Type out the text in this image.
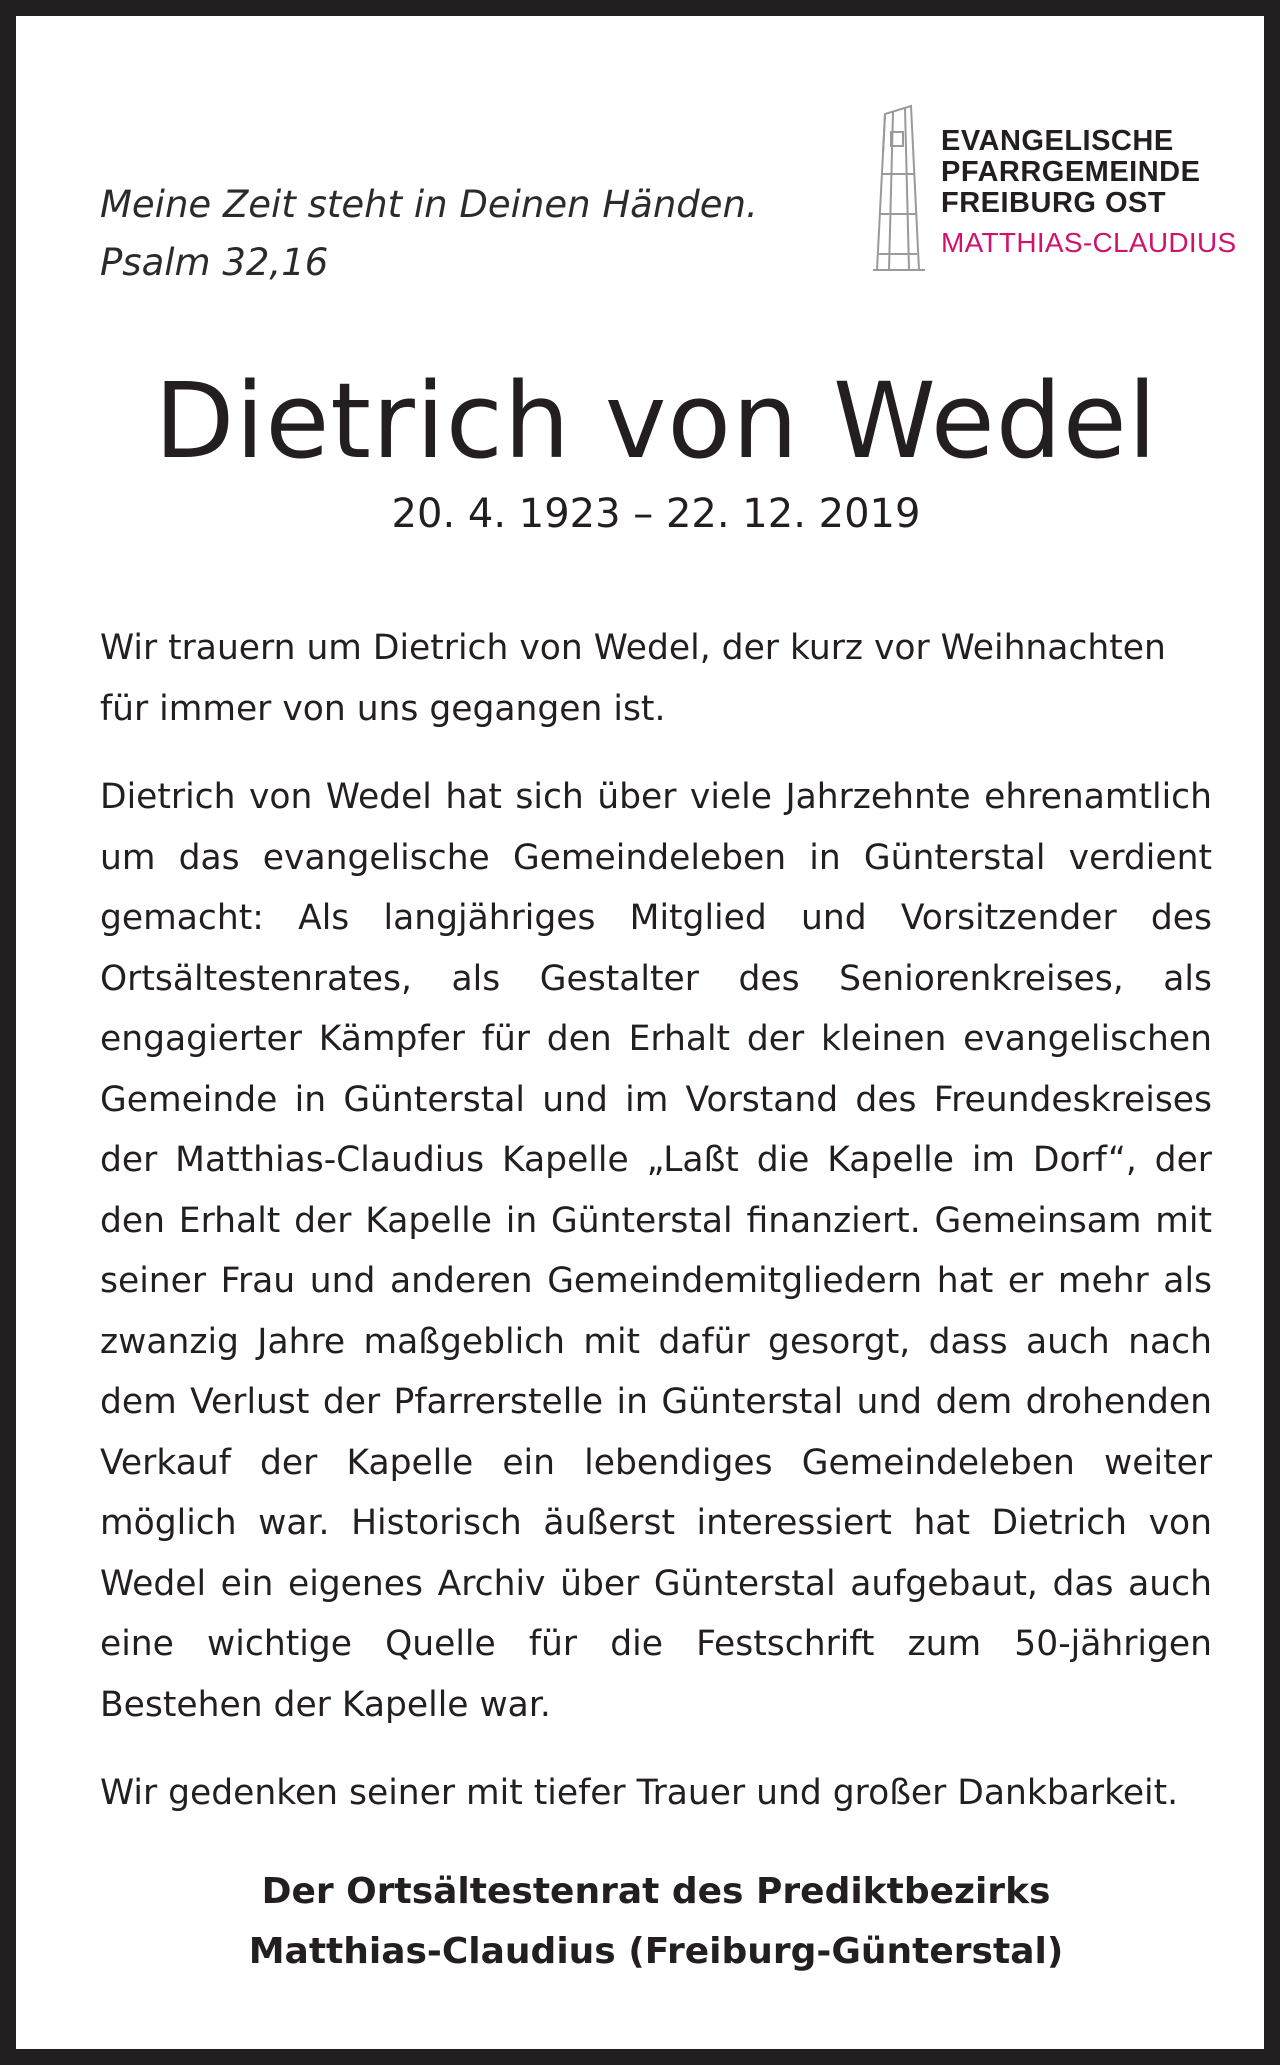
Meine Zeit steht in Deinen Händen.
Psalm 32,16
EVANGELISCHE
PFARRGEMEINDE
FREIBURG OST
MATTHIAS-CLAUDIUS
Dietrich von Wedel
20. 4. 1923 – 22. 12. 2019

Wir trauern um Dietrich von Wedel, der kurz vor Weihnachten für immer von uns gegangen ist.

Dietrich von Wedel hat sich über viele Jahrzehnte ehrenamtlich um das evangelische Gemeindeleben in Günterstal verdient gemacht: Als langjähriges Mitglied und Vorsitzender des Ortsältestenrates, als Gestalter des Seniorenkreises, als engagierter Kämpfer für den Erhalt der kleinen evangelischen Gemeinde in Günterstal und im Vorstand des Freundeskreises der Matthias-Claudius Kapelle „Laßt die Kapelle im Dorf“, der den Erhalt der Kapelle in Günterstal finanziert. Gemeinsam mit seiner Frau und anderen Gemeindemitgliedern hat er mehr als zwanzig Jahre maßgeblich mit dafür gesorgt, dass auch nach dem Verlust der Pfarrerstelle in Günterstal und dem drohenden Verkauf der Kapelle ein lebendiges Gemeindeleben weiter möglich war. Historisch äußerst interessiert hat Dietrich von Wedel ein eigenes Archiv über Günterstal aufgebaut, das auch eine wichtige Quelle für die Festschrift zum 50-jährigen Bestehen der Kapelle war.

Wir gedenken seiner mit tiefer Trauer und großer Dankbarkeit.

Der Ortsältestenrat des Prediktbezirks
Matthias-Claudius (Freiburg-Günterstal)
